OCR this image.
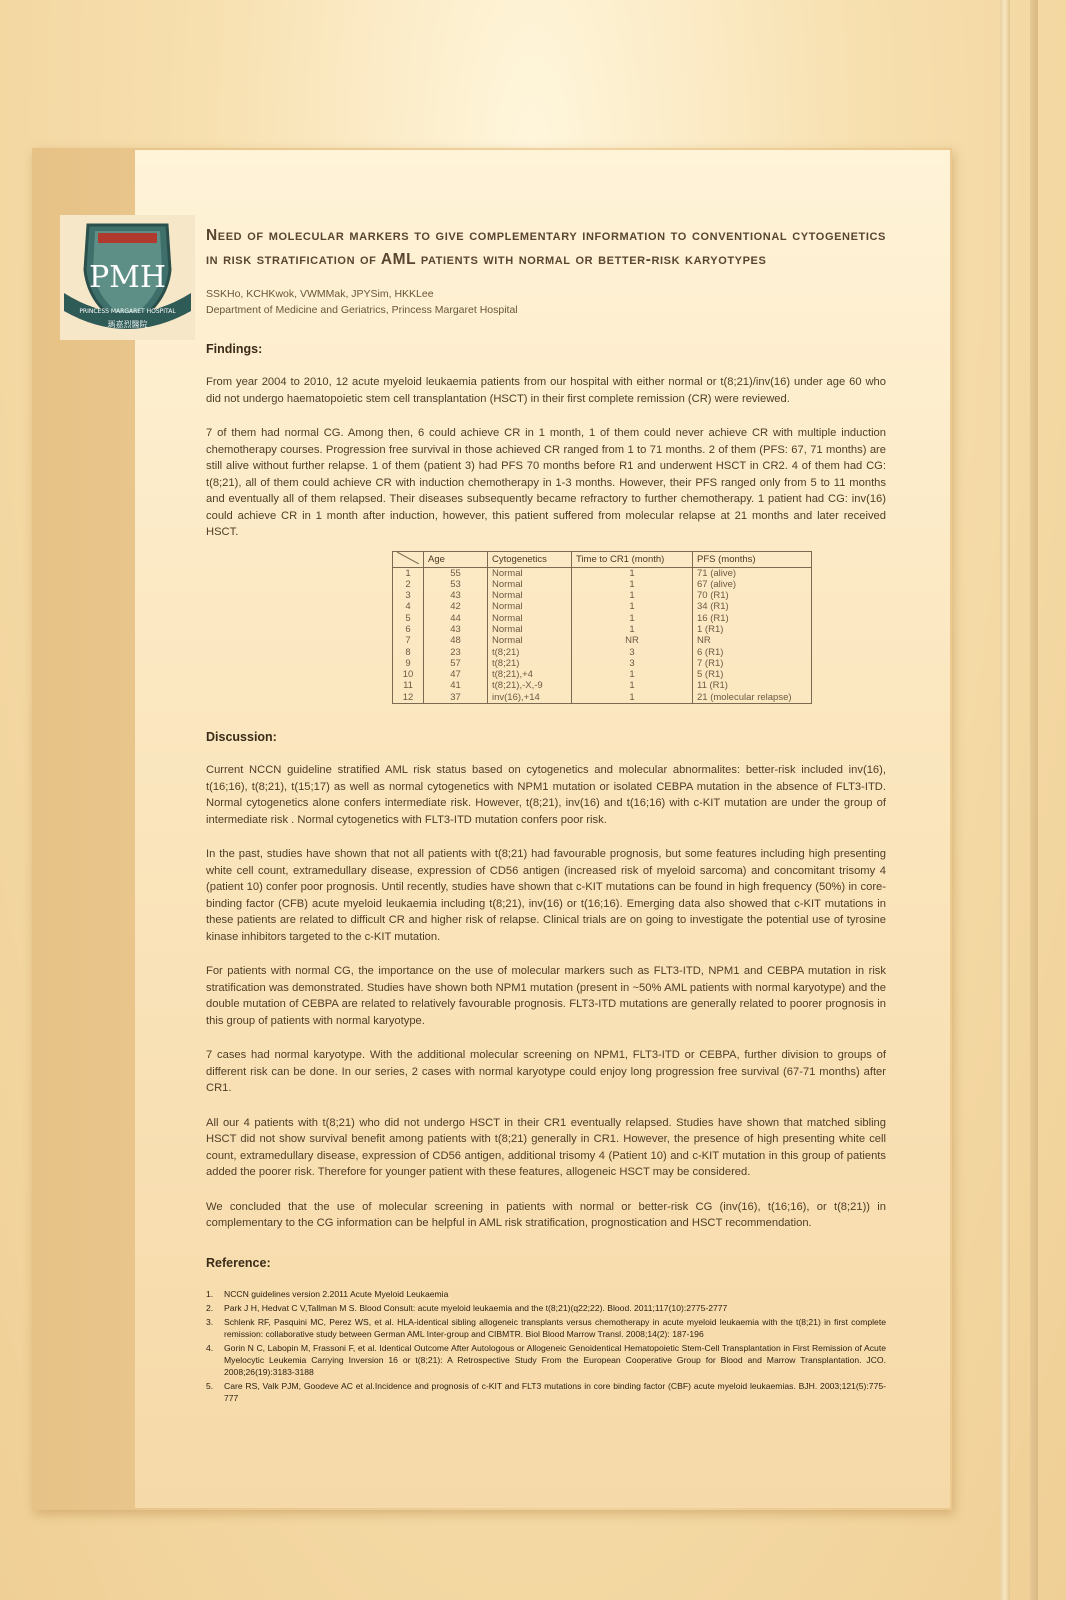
PMH
PRINCESS MARGARET HOSPITAL
瑪嘉烈醫院
Need of molecular markers to give complementary information to conventional cytogenetics in risk stratification of AML patients with normal or better-risk karyotypes
SSKHo, KCHKwok, VWMMak, JPYSim, HKKLee
Department of Medicine and Geriatrics, Princess Margaret Hospital
Findings:

From year 2004 to 2010, 12 acute myeloid leukaemia patients from our hospital with either normal or t(8;21)/inv(16) under age 60 who did not undergo haematopoietic stem cell transplantation (HSCT) in their first complete remission (CR) were reviewed.

7 of them had normal CG. Among then, 6 could achieve CR in 1 month, 1 of them could never achieve CR with multiple induction chemotherapy courses. Progression free survival in those achieved CR ranged from 1 to 71 months. 2 of them (PFS: 67, 71 months) are still alive without further relapse. 1 of them (patient 3) had PFS 70 months before R1 and underwent HSCT in CR2. 4 of them had CG: t(8;21), all of them could achieve CR with induction chemotherapy in 1-3 months. However, their PFS ranged only from 5 to 11 months and eventually all of them relapsed. Their diseases subsequently became refractory to further chemotherapy. 1 patient had CG: inv(16) could achieve CR in 1 month after induction, however, this patient suffered from molecular relapse at 21 months and later received HSCT.

	Age	Cytogenetics	Time to CR1 (month)	PFS (months)
1	55	Normal	1	71 (alive)
2	53	Normal	1	67 (alive)
3	43	Normal	1	70 (R1)
4	42	Normal	1	34 (R1)
5	44	Normal	1	16 (R1)
6	43	Normal	1	1 (R1)
7	48	Normal	NR	NR
8	23	t(8;21)	3	6 (R1)
9	57	t(8;21)	3	7 (R1)
10	47	t(8;21),+4	1	5 (R1)
11	41	t(8;21),-X,-9	1	11 (R1)
12	37	inv(16),+14	1	21 (molecular relapse)
Discussion:

Current NCCN guideline stratified AML risk status based on cytogenetics and molecular abnormalites: better-risk included inv(16), t(16;16), t(8;21), t(15;17) as well as normal cytogenetics with NPM1 mutation or isolated CEBPA mutation in the absence of FLT3-ITD. Normal cytogenetics alone confers intermediate risk. However, t(8;21), inv(16) and t(16;16) with c-KIT mutation are under the group of intermediate risk . Normal cytogenetics with FLT3-ITD mutation confers poor risk.

In the past, studies have shown that not all patients with t(8;21) had favourable prognosis, but some features including high presenting white cell count, extramedullary disease, expression of CD56 antigen (increased risk of myeloid sarcoma) and concomitant trisomy 4 (patient 10) confer poor prognosis. Until recently, studies have shown that c-KIT mutations can be found in high frequency (50%) in core-binding factor (CFB) acute myeloid leukaemia including t(8;21), inv(16) or t(16;16). Emerging data also showed that c-KIT mutations in these patients are related to difficult CR and higher risk of relapse. Clinical trials are on going to investigate the potential use of tyrosine kinase inhibitors targeted to the c-KIT mutation.

For patients with normal CG, the importance on the use of molecular markers such as FLT3-ITD, NPM1 and CEBPA mutation in risk stratification was demonstrated. Studies have shown both NPM1 mutation (present in ~50% AML patients with normal karyotype) and the double mutation of CEBPA are related to relatively favourable prognosis. FLT3-ITD mutations are generally related to poorer prognosis in this group of patients with normal karyotype.

7 cases had normal karyotype. With the additional molecular screening on NPM1, FLT3-ITD or CEBPA, further division to groups of different risk can be done. In our series, 2 cases with normal karyotype could enjoy long progression free survival (67-71 months) after CR1.

All our 4 patients with t(8;21) who did not undergo HSCT in their CR1 eventually relapsed. Studies have shown that matched sibling HSCT did not show survival benefit among patients with t(8;21) generally in CR1. However, the presence of high presenting white cell count, extramedullary disease, expression of CD56 antigen, additional trisomy 4 (Patient 10) and c-KIT mutation in this group of patients added the poorer risk. Therefore for younger patient with these features, allogeneic HSCT may be considered.

We concluded that the use of molecular screening in patients with normal or better-risk CG (inv(16), t(16;16), or t(8;21)) in complementary to the CG information can be helpful in AML risk stratification, prognostication and HSCT recommendation.

Reference:
1.	NCCN guidelines version 2.2011 Acute Myeloid Leukaemia
2.	Park J H, Hedvat C V,Tallman M S. Blood Consult: acute myeloid leukaemia and the t(8;21)(q22;22). Blood. 2011;117(10):2775-2777
3.	Schlenk RF, Pasquini MC, Perez WS, et al. HLA-identical sibling allogeneic transplants versus chemotherapy in acute myeloid leukaemia with the t(8;21) in first complete remission: collaborative study between German AML Inter-group and CIBMTR. Biol Blood Marrow Transl. 2008;14(2): 187-196
4.	Gorin N C, Labopin M, Frassoni F, et al. Identical Outcome After Autologous or Allogeneic Genoidentical Hematopoietic Stem-Cell Transplantation in First Remission of Acute Myelocytic Leukemia Carrying Inversion 16 or t(8;21): A Retrospective Study From the European Cooperative Group for Blood and Marrow Transplantation. JCO. 2008;26(19):3183-3188
5.	Care RS, Valk PJM, Goodeve AC et al.Incidence and prognosis of c-KIT and FLT3 mutations in core binding factor (CBF) acute myeloid leukaemias. BJH. 2003;121(5):775-777
